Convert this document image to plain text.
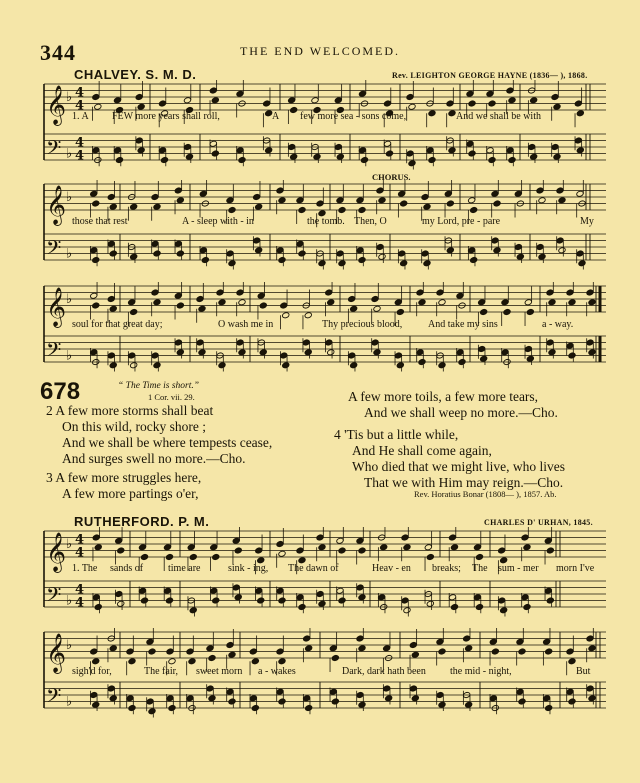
344	THE END WELCOMED.
CHALVEY. S. M. D.	Rev. LEIGHTON GEORGE HAYNE (1836— ), 1868.
𝄞 ♭ 4
4
𝄢 ♭
4
4
1. A FEW more years shall roll,	A few more sea - sons come,	And we shall be with
CHORUS.
𝄞 ♭
𝄢 ♭
those that rest	A - sleep with - in	the tomb. Then, O	my Lord, pre - pare	My
𝄞 ♭
𝄢 ♭
soul for that great day;	O wash me in	Thy precious blood,	And take my sins	a - way.
678	“ The Time is short.”
1 Cor. vii. 29.
2 A few more storms shall beat
On this wild, rocky shore ;
And we shall be where tempests cease,
And surges swell no more.—Cho.
3 A few more struggles here,
A few more partings o'er,
A few more toils, a few more tears,
And we shall weep no more.—Cho.
4 'Tis but a little while,
And He shall come again,
Who died that we might live, who lives
That we with Him may reign.—Cho.
Rev. Horatius Bonar (1808— ), 1857. Ab.
RUTHERFORD. P. M.	CHARLES D' URHAN, 1845.
𝄞 ♭ 4
4
𝄢 ♭
4
4
1. The sands of time are	sink - ing, The dawn of	Heav - en breaks; The sum - mer morn I've
𝄞 ♭
𝄢 ♭
sigh'd for,	The fair, sweet morn a - wakes	Dark, dark hath been the mid - night,	But
